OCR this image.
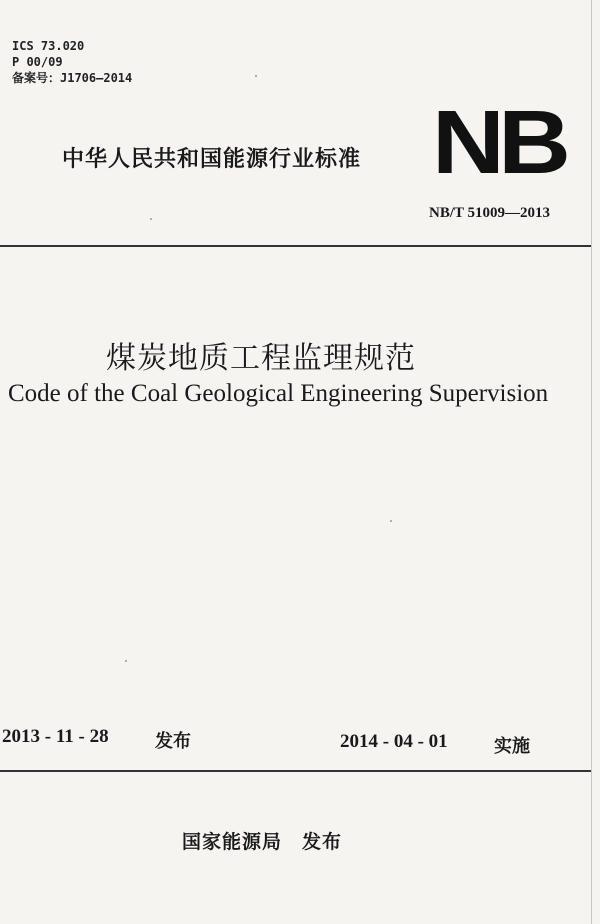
ICS 73.020
P 00/09
备案号：J1706—2014
中华人民共和国能源行业标准 NB
NB/T 51009—2013
煤炭地质工程监理规范
Code of the Coal Geological Engineering Supervision
2013 - 11 - 28	发布	2014 - 04 - 01	实施
国家能源局　发布
